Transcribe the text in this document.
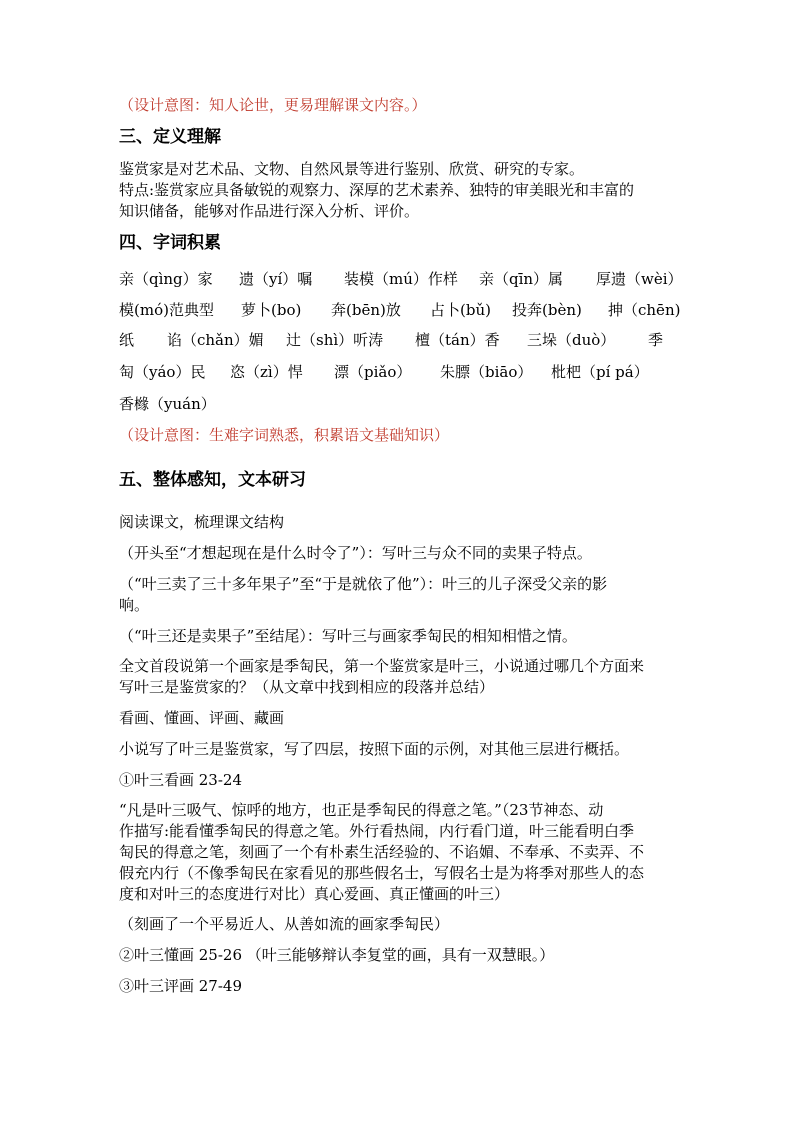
（设计意图：知人论世，更易理解课文内容。）
三、定义理解
鉴赏家是对艺术品、文物、自然风景等进行鉴别、欣赏、研究的专家。
特点:鉴赏家应具备敏锐的观察力、深厚的艺术素养、独特的审美眼光和丰富的
知识储备，能够对作品进行深入分析、评价。
四、字词积累
亲（qìng）家 遗（yí）嘱 装模（mú）作样 亲（qīn）属 厚遗（wèi）
模(mó)范典型 萝卜(bo) 奔(bēn)放 占卜(bǔ) 投奔(bèn) 抻（chēn)
纸 谄（chǎn）媚 辻（shì）听涛 檀（tán）香 三垛（duò） 季
匋（yáo）民 恣（zì）悍 漂（piǎo） 朱膘（biāo） 枇杷（pí pá）
香橼（yuán）
（设计意图：生难字词熟悉，积累语文基础知识）
五、整体感知，文本研习
阅读课文，梳理课文结构
（开头至“才想起现在是什么时令了”）：写叶三与众不同的卖果子特点。
（“叶三卖了三十多年果子”至“于是就依了他”）：叶三的儿子深受父亲的影
响。
（“叶三还是卖果子”至结尾）：写叶三与画家季匋民的相知相惜之情。
全文首段说第一个画家是季匋民，第一个鉴赏家是叶三，小说通过哪几个方面来
写叶三是鉴赏家的？（从文章中找到相应的段落并总结）
看画、懂画、评画、藏画
小说写了叶三是鉴赏家，写了四层，按照下面的示例，对其他三层进行概括。
①叶三看画 23-24
“凡是叶三吸气、惊呼的地方，也正是季匋民的得意之笔。”（23节神态、动
作描写:能看懂季匋民的得意之笔。外行看热闹，内行看门道，叶三能看明白季
匋民的得意之笔，刻画了一个有朴素生活经验的、不谄媚、不奉承、不卖弄、不
假充内行（不像季匋民在家看见的那些假名士，写假名士是为将季对那些人的态
度和对叶三的态度进行对比）真心爱画、真正懂画的叶三）
（刻画了一个平易近人、从善如流的画家季匋民）
②叶三懂画 25-26 （叶三能够辩认李复堂的画，具有一双慧眼。）
③叶三评画 27-49
